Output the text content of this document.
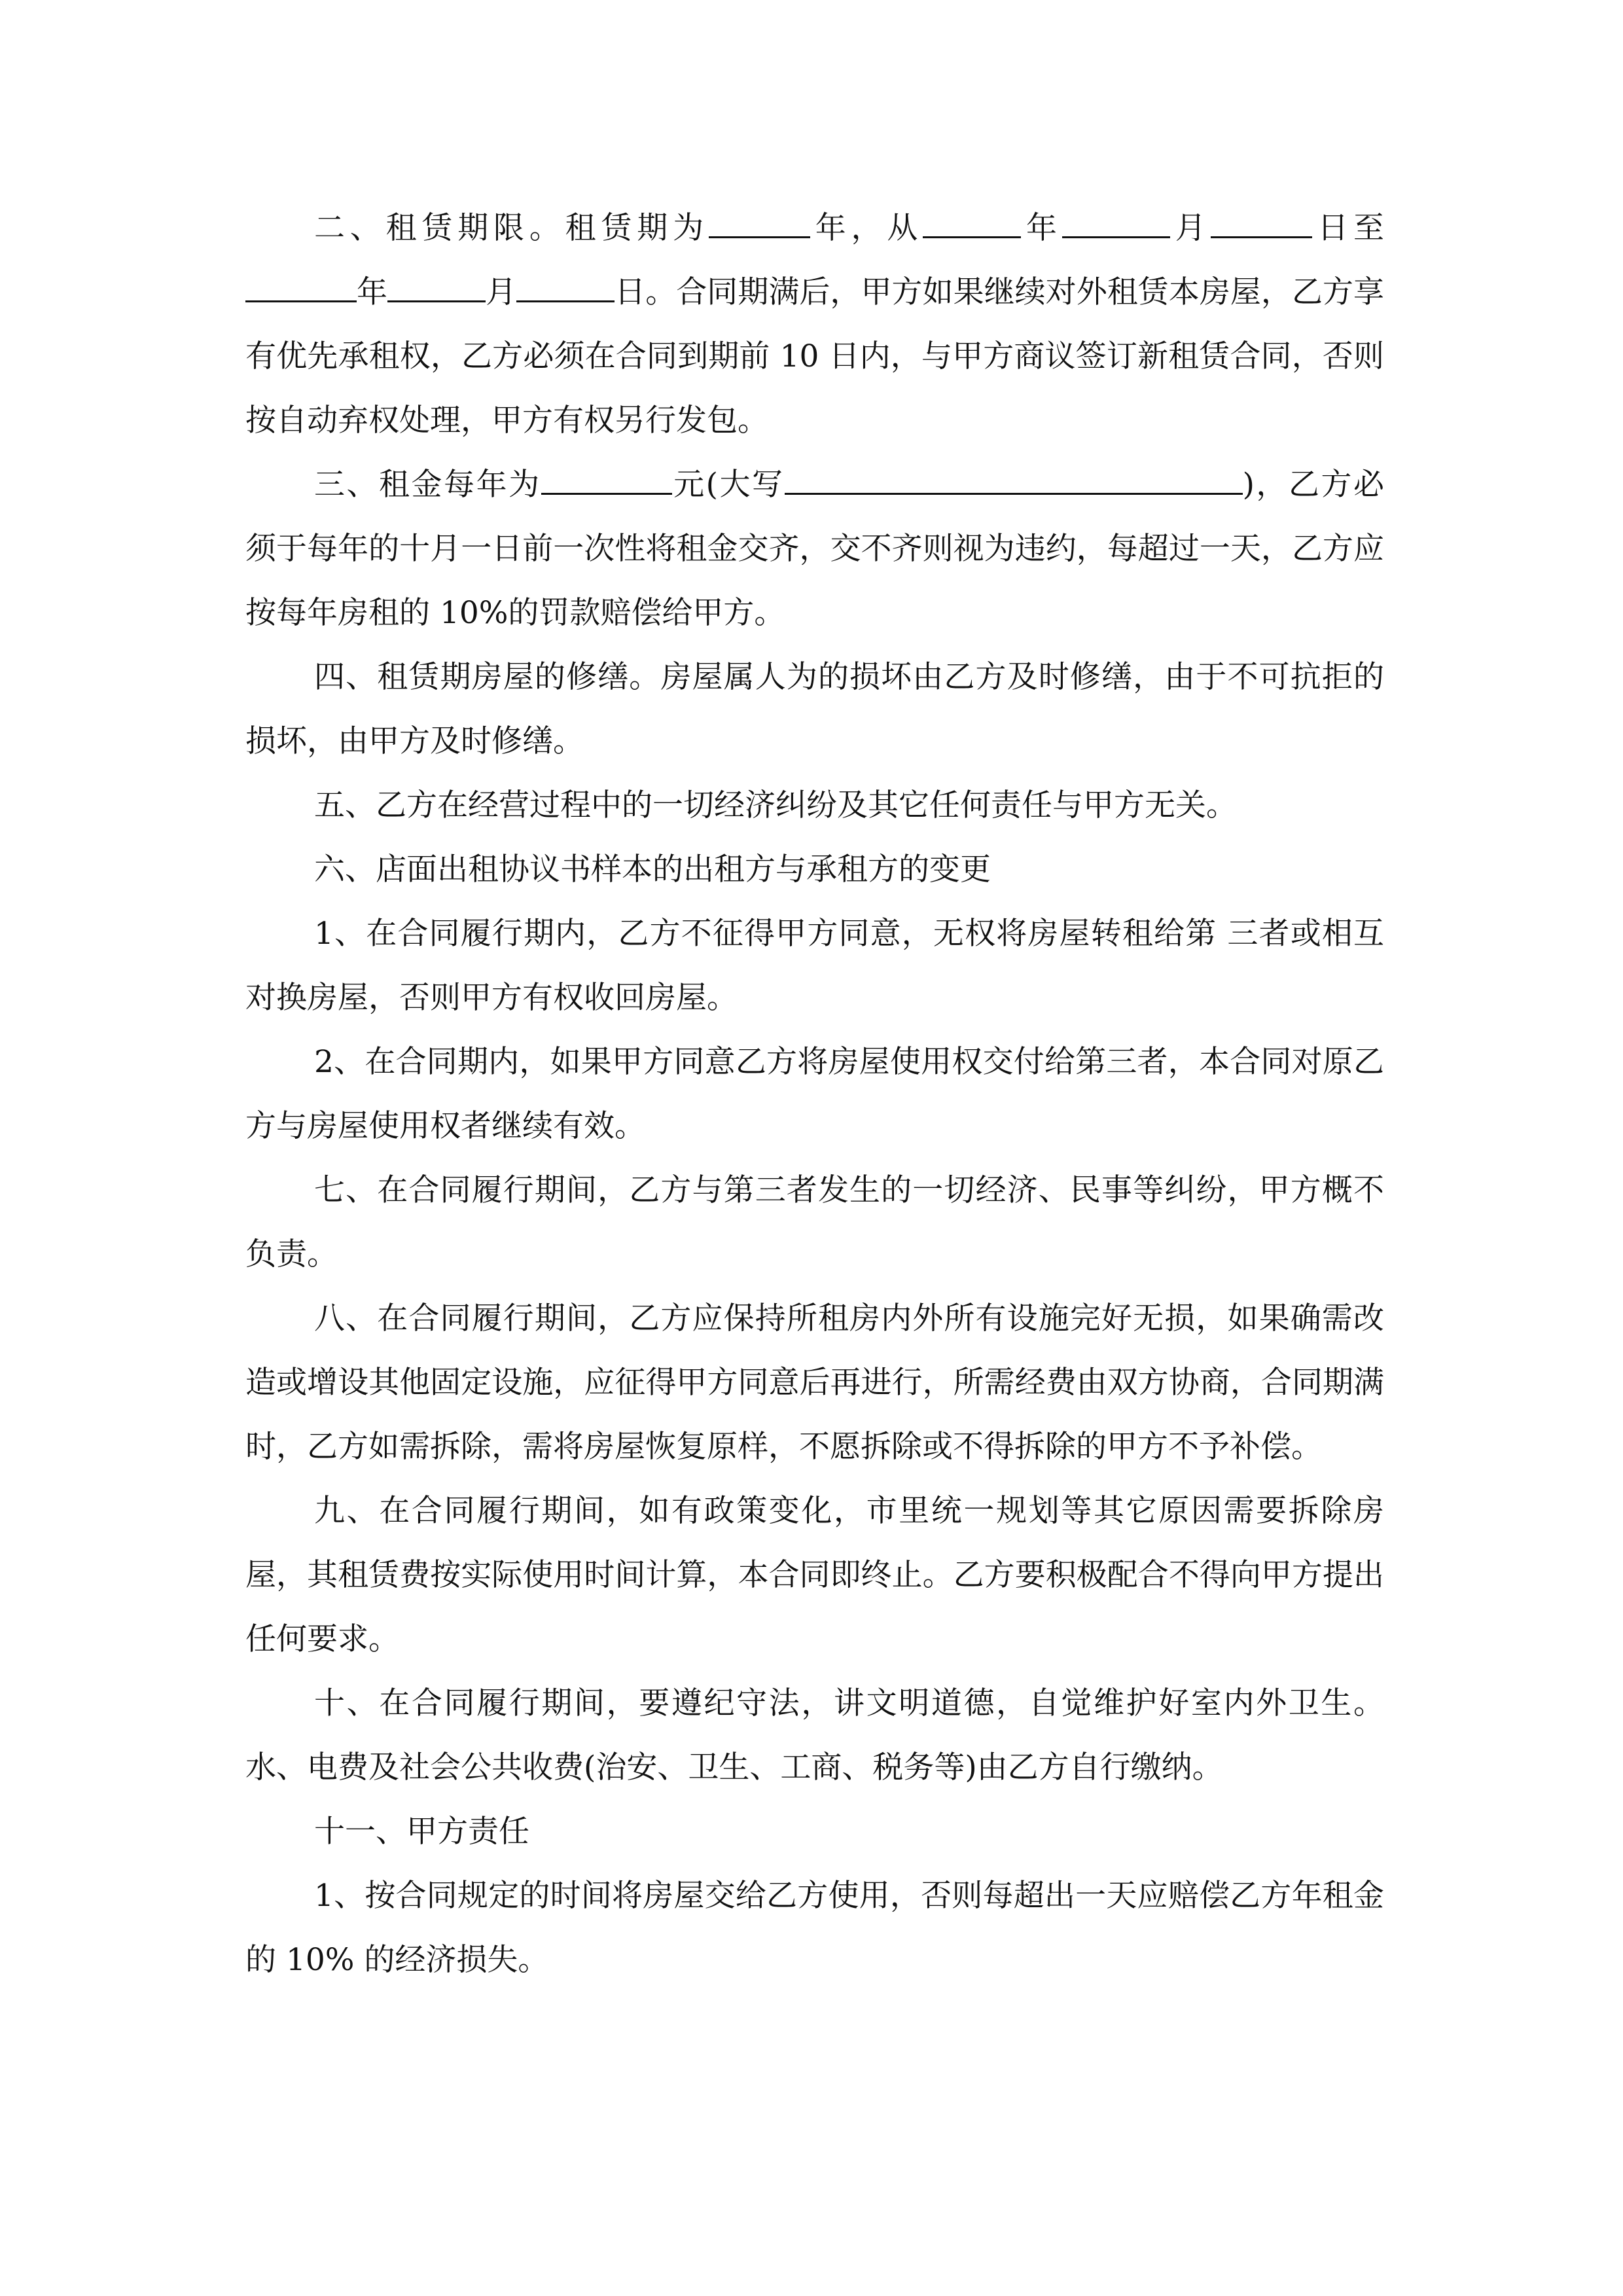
二、租赁期限。租赁期为	年，从	年	月	日至年	月	日。合同期满后，甲方如果继续对外租赁本房屋，乙方享有优先承租权，乙方必须在合同到期前 10 日内，与甲方商议签订新租赁合同，否则按自动弃权处理，甲方有权另行发包。

三、租金每年为	元(大写	)，乙方必须于每年的十月一日前一次性将租金交齐，交不齐则视为违约，每超过一天，乙方应按每年房租的 10%的罚款赔偿给甲方。

四、租赁期房屋的修缮。房屋属人为的损坏由乙方及时修缮，由于不可抗拒的损坏，由甲方及时修缮。

五、乙方在经营过程中的一切经济纠纷及其它任何责任与甲方无关。

六、店面出租协议书样本的出租方与承租方的变更

1、在合同履行期内，乙方不征得甲方同意，无权将房屋转租给第 三者或相互对换房屋，否则甲方有权收回房屋。

2、在合同期内，如果甲方同意乙方将房屋使用权交付给第三者，本合同对原乙方与房屋使用权者继续有效。

七、在合同履行期间，乙方与第三者发生的一切经济、民事等纠纷，甲方概不负责。

八、在合同履行期间，乙方应保持所租房内外所有设施完好无损，如果确需改造或增设其他固定设施，应征得甲方同意后再进行，所需经费由双方协商，合同期满时，乙方如需拆除，需将房屋恢复原样，不愿拆除或不得拆除的甲方不予补偿。

九、在合同履行期间，如有政策变化，市里统一规划等其它原因需要拆除房屋，其租赁费按实际使用时间计算，本合同即终止。乙方要积极配合不得向甲方提出任何要求。

十、在合同履行期间，要遵纪守法，讲文明道德，自觉维护好室内外卫生。水、电费及社会公共收费(治安、卫生、工商、税务等)由乙方自行缴纳。

十一、甲方责任

1、按合同规定的时间将房屋交给乙方使用，否则每超出一天应赔偿乙方年租金的 10% 的经济损失。
